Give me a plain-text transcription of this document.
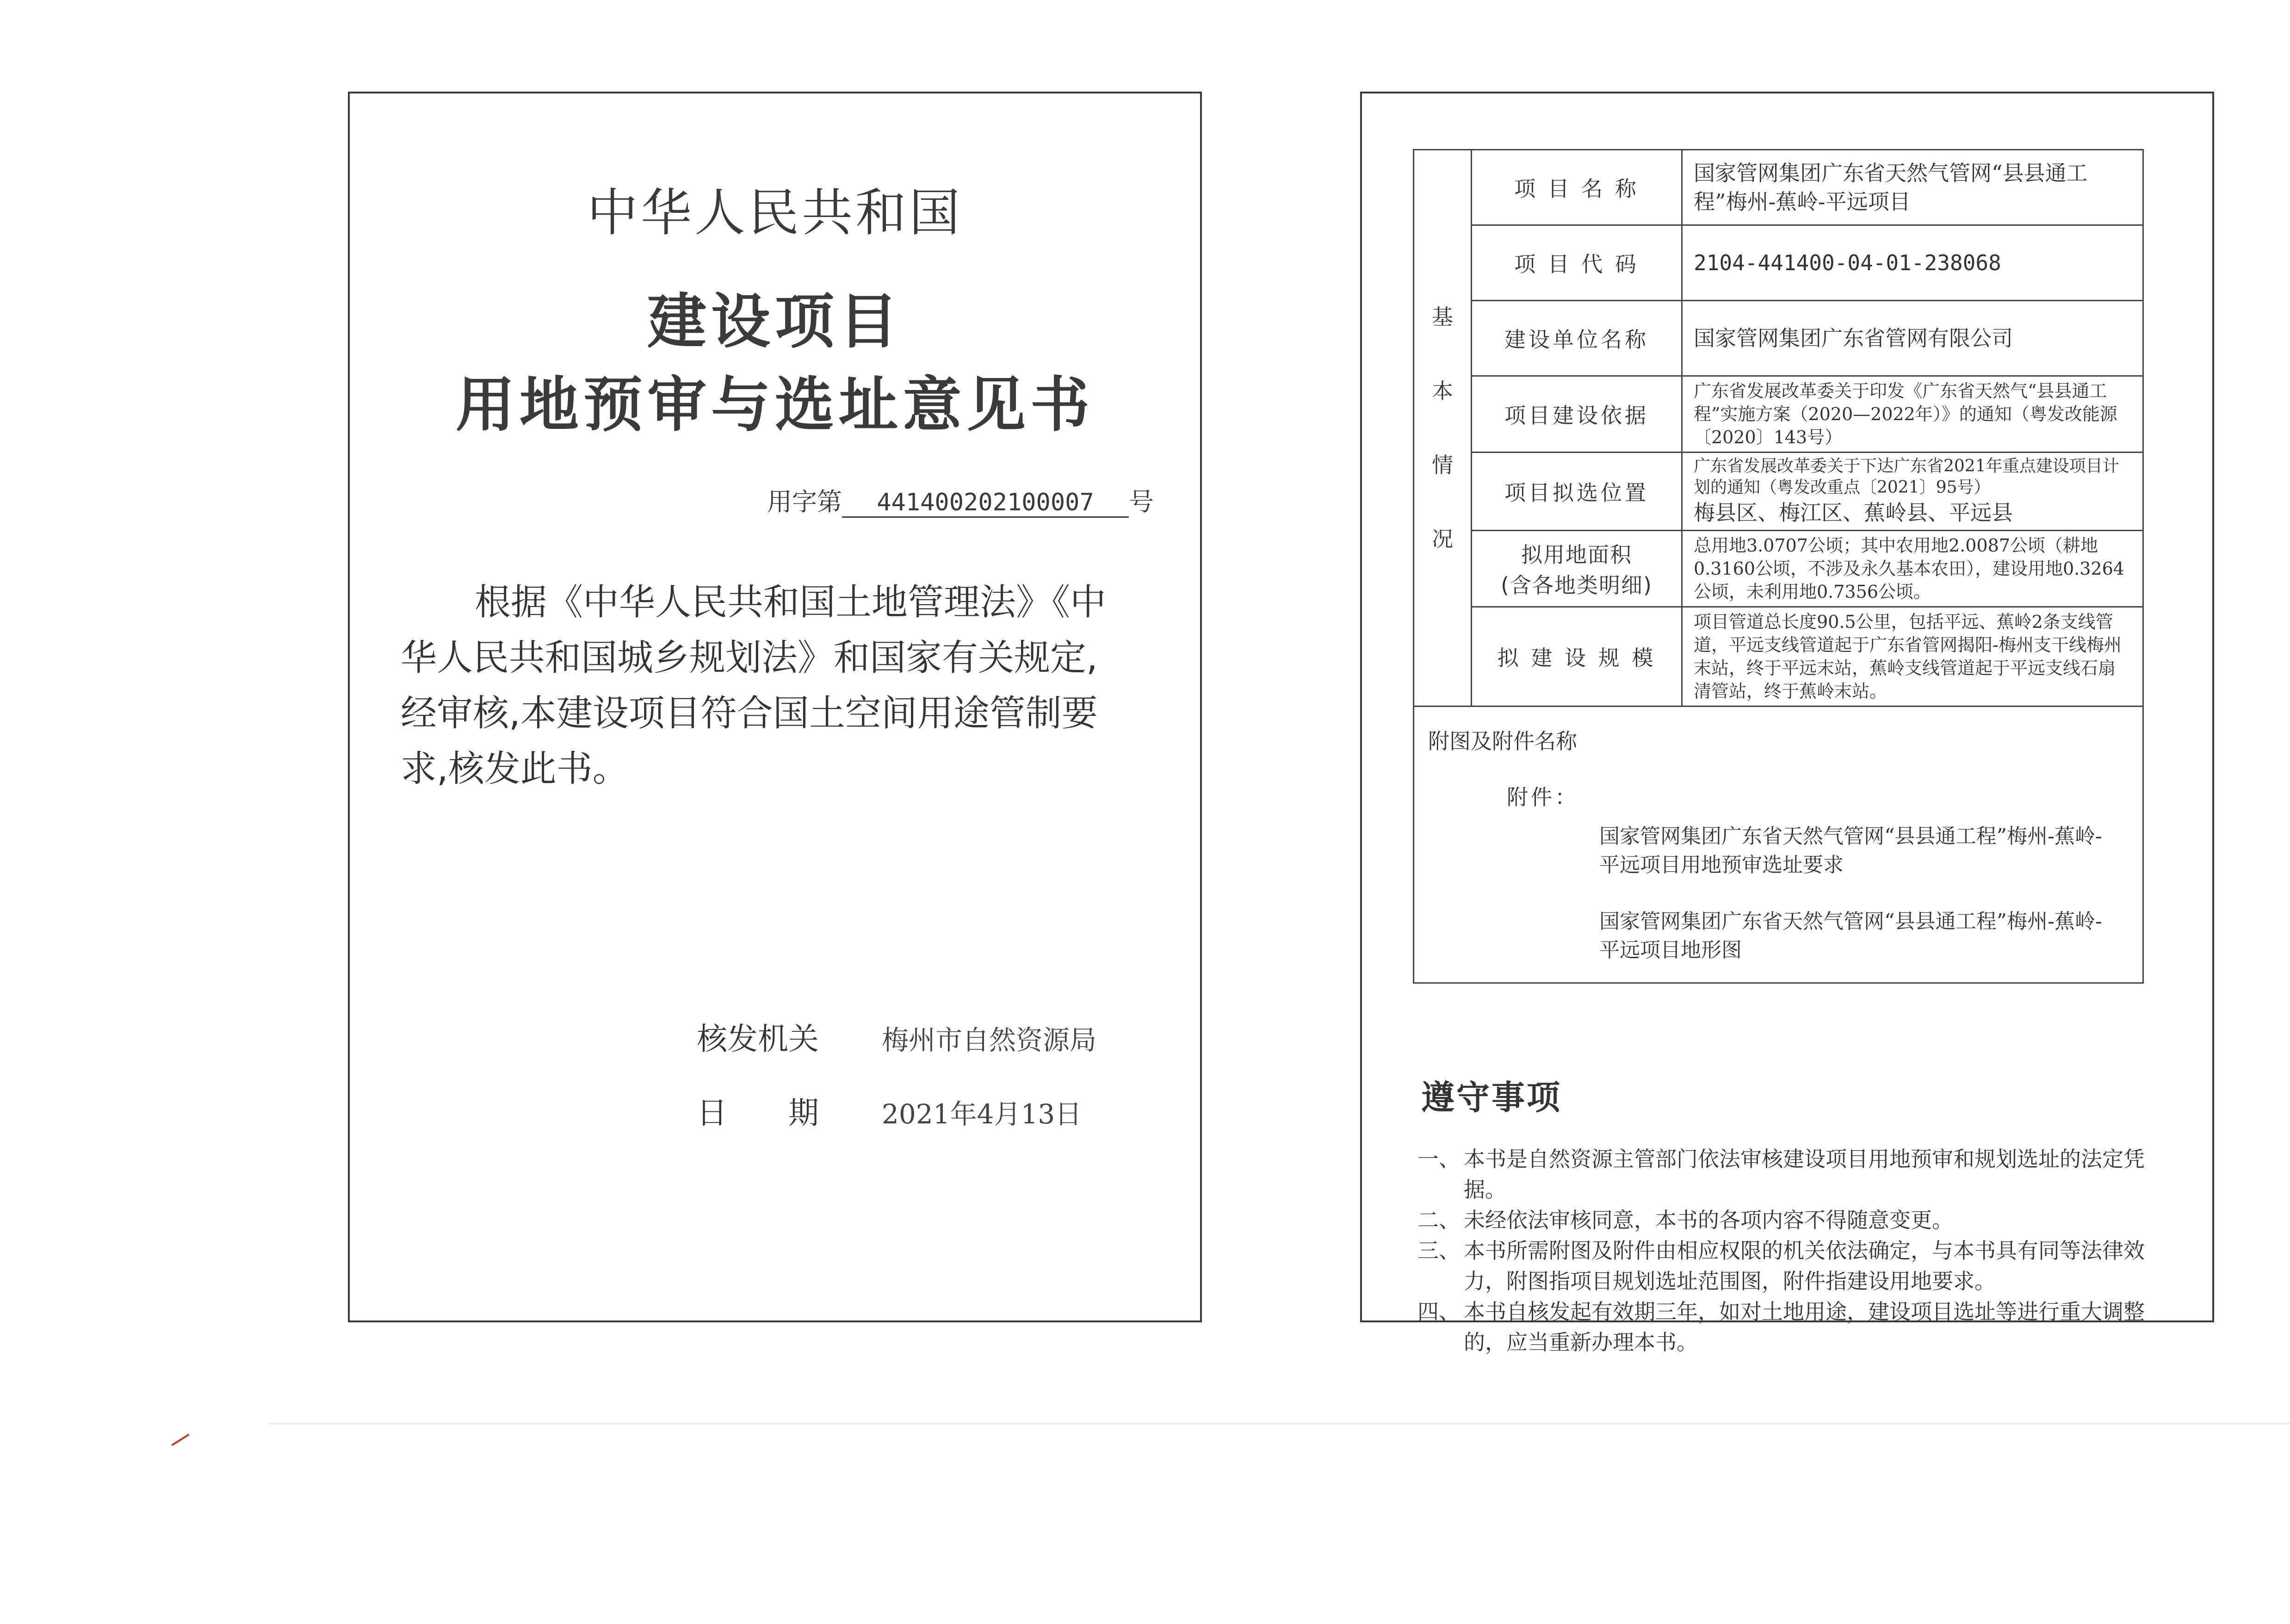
中华人民共和国
建设项目
用地预审与选址意见书
用字第 441400202100007 号

根据《中华人民共和国土地管理法》《中

华人民共和国城乡规划法》和国家有关规定,

经审核,本建设项目符合国土空间用途管制要

求,核发此书。

核发机关 梅州市自然资源局
日　　期 2021年4月13日
基
本
情
况	项 目 名 称	国家管网集团广东省天然气管网“县县通工程”梅州-蕉岭-平远项目
	项 目 代 码	2104-441400-04-01-238068
	建设单位名称	国家管网集团广东省管网有限公司
	项目建设依据	广东省发展改革委关于印发《广东省天然气“县县通工程”实施方案（2020—2022年）》的通知（粤发改能源〔2020〕143号）
	项目拟选位置	广东省发展改革委关于下达广东省2021年重点建设项目计划的通知（粤发改重点〔2021〕95号）
梅县区、梅江区、蕉岭县、平远县

	拟用地面积
(含各地类明细)	总用地3.0707公顷；其中农用地2.0087公顷（耕地0.3160公顷，不涉及永久基本农田），建设用地0.3264公顷，未利用地0.7356公顷。
	拟 建 设 规 模	项目管道总长度90.5公里，包括平远、蕉岭2条支线管道，平远支线管道起于广东省管网揭阳-梅州支干线梅州末站，终于平远末站，蕉岭支线管道起于平远支线石扇清管站，终于蕉岭末站。

附图及附件名称
附件：
国家管网集团广东省天然气管网“县县通工程”梅州-蕉岭-平远项目用地预审选址要求
国家管网集团广东省天然气管网“县县通工程”梅州-蕉岭-平远项目地形图		
遵守事项
一、 本书是自然资源主管部门依法审核建设项目用地预审和规划选址的法定凭据。
二、 未经依法审核同意，本书的各项内容不得随意变更。
三、 本书所需附图及附件由相应权限的机关依法确定，与本书具有同等法律效力，附图指项目规划选址范围图，附件指建设用地要求。
四、 本书自核发起有效期三年，如对土地用途，建设项目选址等进行重大调整的，应当重新办理本书。
